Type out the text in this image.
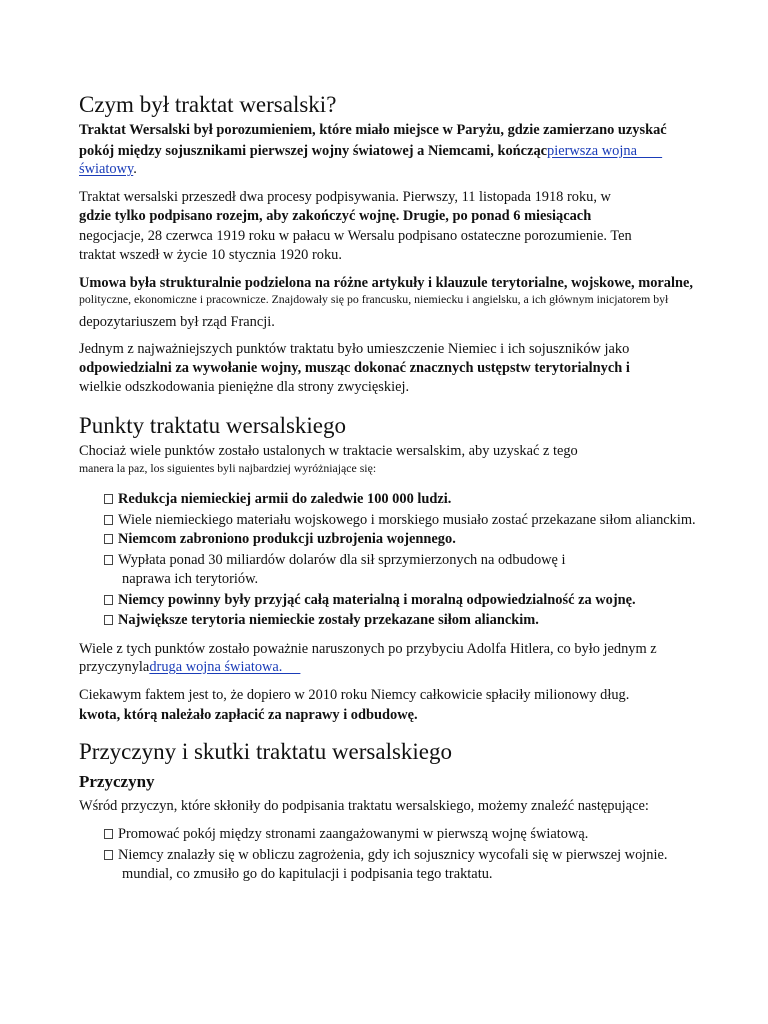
Czym był traktat wersalski?
Traktat Wersalski był porozumieniem, które miało miejsce w Paryżu, gdzie zamierzano uzyskać
pokój między sojusznikami pierwszej wojny światowej a Niemcami, kończącpierwsza wojna
światowy.
Traktat wersalski przeszedł dwa procesy podpisywania. Pierwszy, 11 listopada 1918 roku, w
gdzie tylko podpisano rozejm, aby zakończyć wojnę. Drugie, po ponad 6 miesiącach
negocjacje, 28 czerwca 1919 roku w pałacu w Wersalu podpisano ostateczne porozumienie. Ten
traktat wszedł w życie 10 stycznia 1920 roku.
Umowa była strukturalnie podzielona na różne artykuły i klauzule terytorialne, wojskowe, moralne,
polityczne, ekonomiczne i pracownicze. Znajdowały się po francusku, niemiecku i angielsku, a ich głównym inicjatorem był
depozytariuszem był rząd Francji.
Jednym z najważniejszych punktów traktatu było umieszczenie Niemiec i ich sojuszników jako
odpowiedzialni za wywołanie wojny, musząc dokonać znacznych ustępstw terytorialnych i
wielkie odszkodowania pieniężne dla strony zwycięskiej.
Punkty traktatu wersalskiego
Chociaż wiele punktów zostało ustalonych w traktacie wersalskim, aby uzyskać z tego
manera la paz, los siguientes byli najbardziej wyróżniające się:
Redukcja niemieckiej armii do zaledwie 100 000 ludzi.
Wiele niemieckiego materiału wojskowego i morskiego musiało zostać przekazane siłom alianckim.
Niemcom zabroniono produkcji uzbrojenia wojennego.
Wypłata ponad 30 miliardów dolarów dla sił sprzymierzonych na odbudowę i
naprawa ich terytoriów.
Niemcy powinny były przyjąć całą materialną i moralną odpowiedzialność za wojnę.
Największe terytoria niemieckie zostały przekazane siłom alianckim.
Wiele z tych punktów zostało poważnie naruszonych po przybyciu Adolfa Hitlera, co było jednym z
przyczynyladruga wojna światowa.
Ciekawym faktem jest to, że dopiero w 2010 roku Niemcy całkowicie spłaciły milionowy dług.
kwota, którą należało zapłacić za naprawy i odbudowę.
Przyczyny i skutki traktatu wersalskiego
Przyczyny
Wśród przyczyn, które skłoniły do podpisania traktatu wersalskiego, możemy znaleźć następujące:
Promować pokój między stronami zaangażowanymi w pierwszą wojnę światową.
Niemcy znalazły się w obliczu zagrożenia, gdy ich sojusznicy wycofali się w pierwszej wojnie.
mundial, co zmusiło go do kapitulacji i podpisania tego traktatu.
